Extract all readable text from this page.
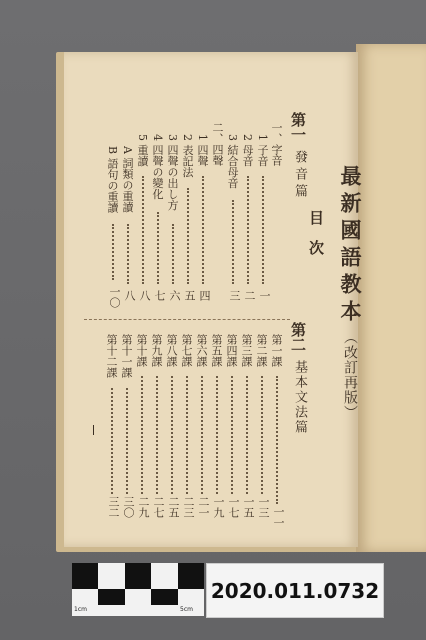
最新國語教本
（改訂再版）
目　次
第一
發音篇
一、字音
1 子音
一
2 母音
二
3 結合母音
三
二、四聲
1 四聲
四
2 表記法
五
3 四聲の出し方
六
4 四聲の變化
七
5 重讀
八
A 詞類の重讀
八
B 語句の重讀
一〇
第二
基本文法篇
第一課
一一
第二課
一三
第三課
一五
第四課
一七
第五課
一九
第六課
二一
第七課
二三
第八課
二五
第九課
二七
第十課
二九
第十一課
三〇
第十二課
三二
1cm	5cm
2020.011.0732
